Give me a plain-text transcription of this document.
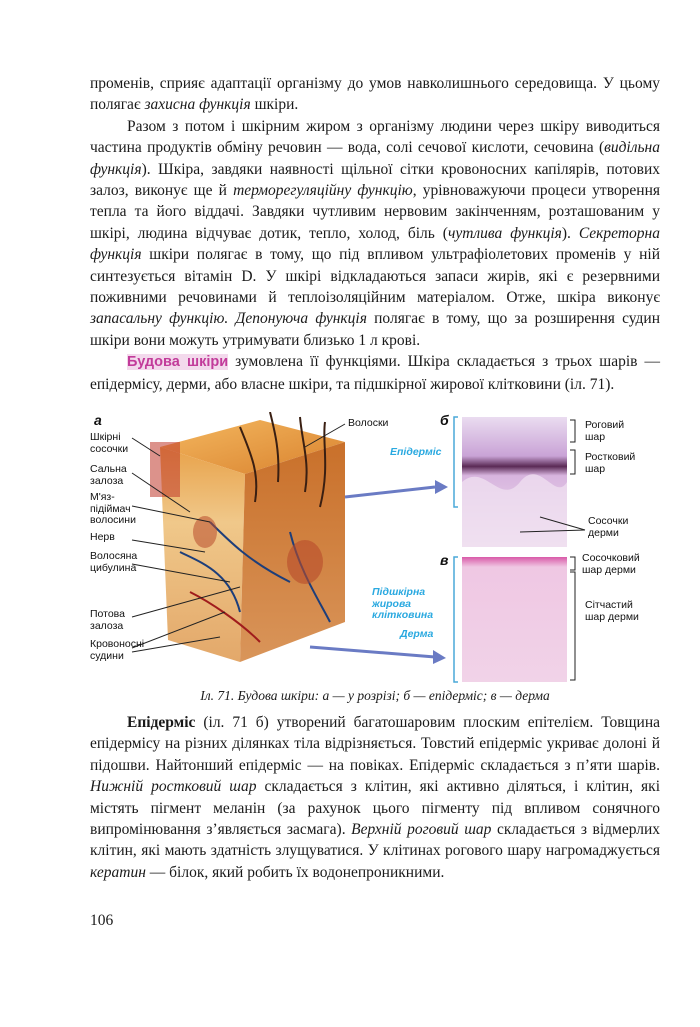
променів, сприяє адаптації організму до умов навколишнього середовища. У цьому полягає захисна функція шкіри.

Разом з потом і шкірним жиром з організму людини через шкіру виводиться частина продуктів обміну речовин — вода, солі сечової кислоти, сечовина (видільна функція). Шкіра, завдяки наявності щільної сітки кровоносних капілярів, потових залоз, виконує ще й терморегуляційну функцію, урівноважуючи процеси утворення тепла та його віддачі. Завдяки чутливим нервовим закінченням, розташованим у шкірі, людина відчуває дотик, тепло, холод, біль (чутлива функція). Секреторна функція шкіри полягає в тому, що під впливом ультрафіолетових променів у ній синтезується вітамін D. У шкірі відкладаються запаси жирів, які є резервними поживними речовинами й теплоізоляційним матеріалом. Отже, шкіра виконує запасальну функцію. Депонуюча функція полягає в тому, що за розширення судин шкіри вони можуть утримувати близько 1 л крові.

Будова шкіри зумовлена її функціями. Шкіра складається з трьох шарів — епідермісу, дерми, або власне шкіри, та підшкірної жирової клітковини (іл. 71).

а	б
в
Шкірні сосочки
Сальна залоза
М'яз-підіймач волосини
Нерв
Волосяна цибулина
Потова залоза
Кровоносні судини
Волоски
Епідерміс
Підшкірна жирова клітковина
Дерма
Роговий шар
Ростковий шар
Сосочки дерми
Сосочковий шар дерми
Сітчастий шар дерми
Іл. 71. Будова шкіри: а — у розрізі; б — епідерміс; в — дерма

Епідерміс (іл. 71 б) утворений багатошаровим плоским епітелієм. Товщина епідермісу на різних ділянках тіла відрізняється. Товстий епідерміс укриває долоні й підошви. Найтонший епідерміс — на повіках. Епідерміс складається з п’яти шарів. Нижній ростковий шар складається з клітин, які активно діляться, і клітин, які містять пігмент меланін (за рахунок цього пігменту під впливом сонячного випромінювання з’являється засмага). Верхній роговий шар складається з відмерлих клітин, які мають здатність злущуватися. У клітинах рогового шару нагромаджується кератин — білок, який робить їх водонепроникними.

106
